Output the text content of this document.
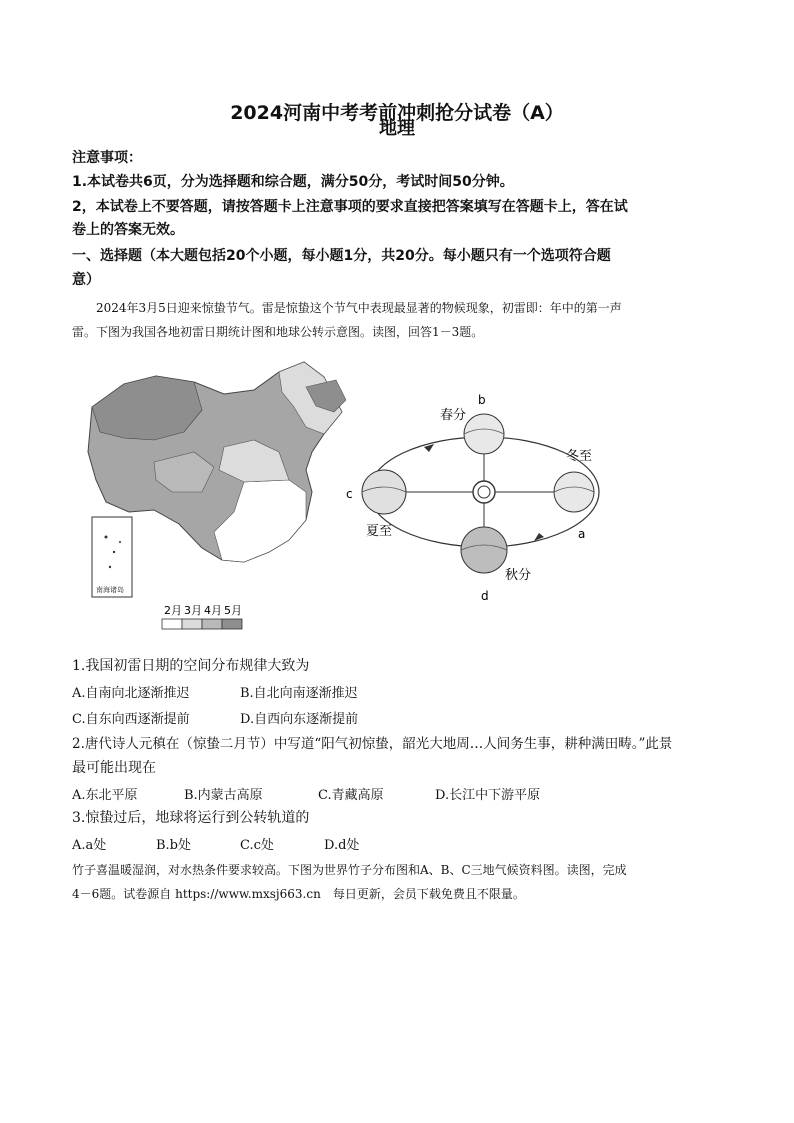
2024河南中考考前冲刺抢分试卷（A）
地理
注意事项：
1.本试卷共6页，分为选择题和综合题，满分50分，考试时间50分钟。
2，本试卷上不要答题，请按答题卡上注意事项的要求直接把答案填写在答题卡上，答在试
卷上的答案无效。
一、选择题（本大题包括20个小题，每小题1分，共20分。每小题只有一个选项符合题
意）
2024年3月5日迎来惊蛰节气。雷是惊蛰这个节气中表现最显著的物候现象，初雷即：年中的第一声
雷。下图为我国各地初雷日期统计图和地球公转示意图。读图，回答1－3题。
南海诸岛
2月 3月 4月 5月
b
春分
冬至
a
c
夏至
秋分
d
1.我国初雷日期的空间分布规律大致为
A.自南向北逐渐推迟	B.自北向南逐渐推迟
C.自东向西逐渐提前	D.自西向东逐渐提前
2.唐代诗人元稹在（惊蛰二月节）中写道“阳气初惊蛰，韶光大地周…人间务生事，耕种满田畴。”此景
最可能出现在
A.东北平原	B.内蒙古高原	C.青藏高原	D.长江中下游平原
3.惊蛰过后，地球将运行到公转轨道的
A.a处	B.b处	C.c处	D.d处
竹子喜温暖湿润，对水热条件要求较高。下图为世界竹子分布图和A、B、C三地气候资料图。读图，完成
4－6题。试卷源自 https://www.mxsj663.cn　每日更新，会员下载免费且不限量。
